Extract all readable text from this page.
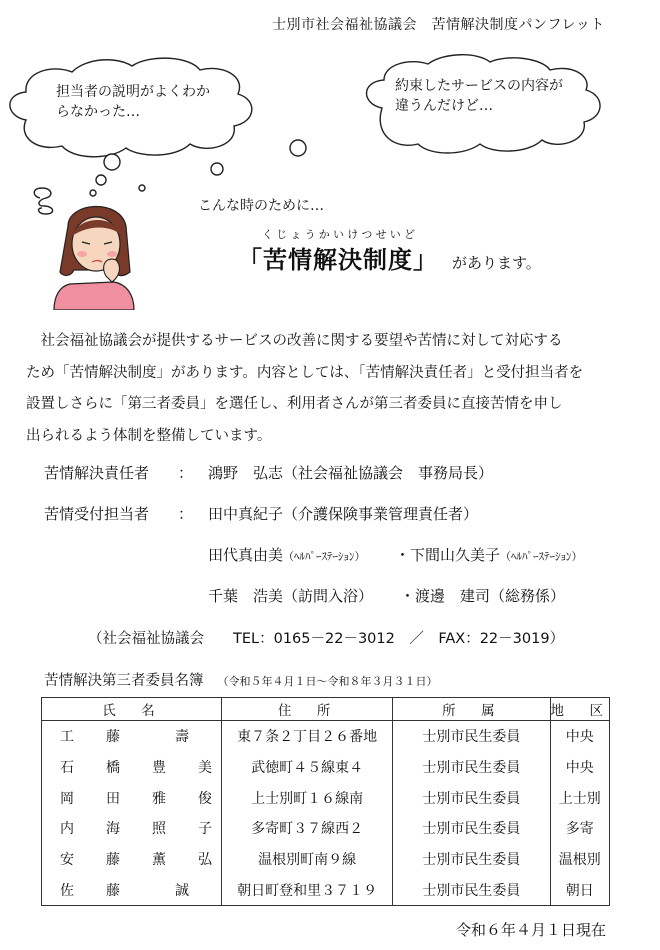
士別市社会福祉協議会　苦情解決制度パンフレット
担当者の説明がよくわか
らなかった…
約束したサービスの内容が
違うんだけど…
こんな時のために…
くじょうかいけつせいど
「苦情解決制度」 があります。
　社会福祉協議会が提供するサービスの改善に関する要望や苦情に対して対応する
ため「苦情解決制度」があります。内容としては、「苦情解決責任者」と受付担当者を
設置しさらに「第三者委員」を選任し、利用者さんが第三者委員に直接苦情を申し
出られるよう体制を整備しています。
苦情解決責任者 ： 鴻野　弘志（社会福祉協議会　事務局長）
苦情受付担当者 ： 田中真紀子（介護保険事業管理責任者）
田代真由美（ﾍﾙﾊﾟｰｽﾃｰｼｮﾝ） ・下間山久美子（ﾍﾙﾊﾟｰｽﾃｰｼｮﾝ）
千葉　浩美（訪問入浴） ・渡邊　建司（総務係）
（社会福祉協議会　　TEL：0165－22－3012　／　FAX：22－3019）
苦情解決第三者委員名簿 （令和５年４月１日～令和８年３月３１日）
氏　名	住　所	所　属	地　区
工　藤　　壽	東７条２丁目２６番地	士別市民生委員	中央
石　橋　豊　美	武徳町４５線東４	士別市民生委員	中央
岡　田　雅　俊	上士別町１６線南	士別市民生委員	上士別
内　海　照　子	多寄町３７線西２	士別市民生委員	多寄
安　藤　薫　弘	温根別町南９線	士別市民生委員	温根別
佐　藤　　誠	朝日町登和里３７１９	士別市民生委員	朝日
令和６年４月１日現在
